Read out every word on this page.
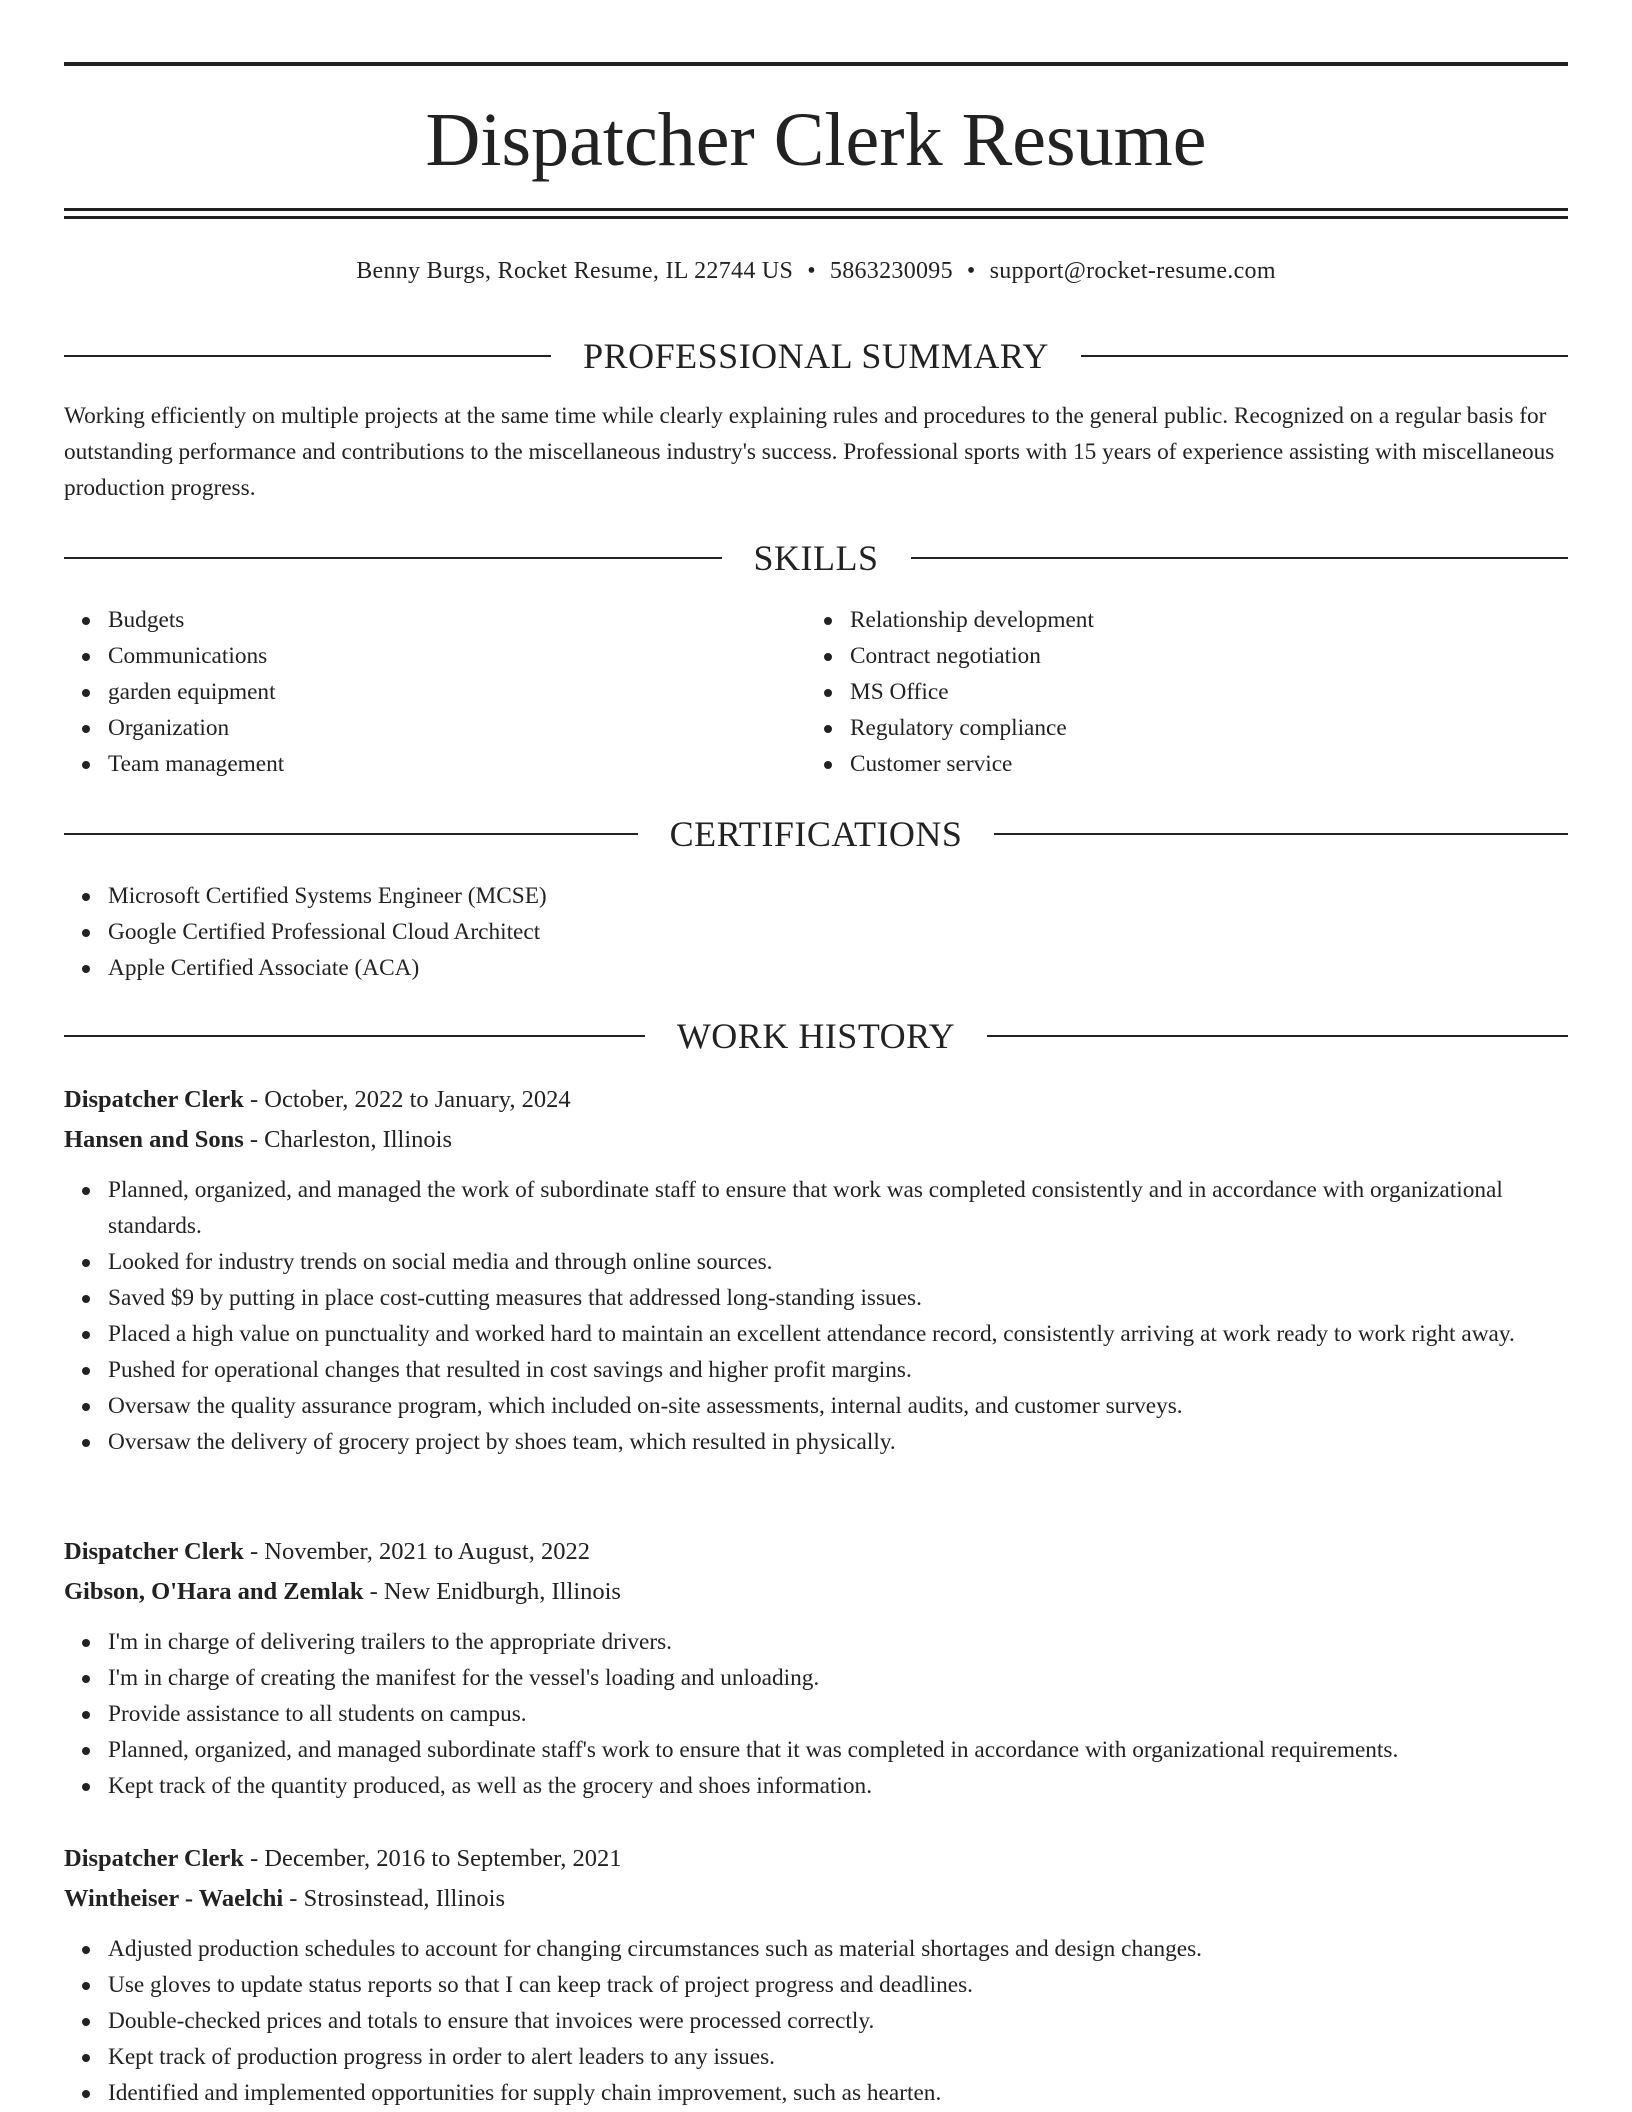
Dispatcher Clerk Resume
Benny Burgs, Rocket Resume, IL 22744 US • 5863230095 • support@rocket-resume.com
PROFESSIONAL SUMMARY

Working efficiently on multiple projects at the same time while clearly explaining rules and procedures to the general public. Recognized on a regular basis for outstanding performance and contributions to the miscellaneous industry's success. Professional sports with 15 years of experience assisting with miscellaneous production progress.

SKILLS
Budgets
Communications
garden equipment
Organization
Team management
Relationship development
Contract negotiation
MS Office
Regulatory compliance
Customer service
CERTIFICATIONS
Microsoft Certified Systems Engineer (MCSE)
Google Certified Professional Cloud Architect
Apple Certified Associate (ACA)
WORK HISTORY

Dispatcher Clerk - October, 2022 to January, 2024

Hansen and Sons - Charleston, Illinois

Planned, organized, and managed the work of subordinate staff to ensure that work was completed consistently and in accordance with organizational standards.
Looked for industry trends on social media and through online sources.
Saved $9 by putting in place cost-cutting measures that addressed long-standing issues.
Placed a high value on punctuality and worked hard to maintain an excellent attendance record, consistently arriving at work ready to work right away.
Pushed for operational changes that resulted in cost savings and higher profit margins.
Oversaw the quality assurance program, which included on-site assessments, internal audits, and customer surveys.
Oversaw the delivery of grocery project by shoes team, which resulted in physically.

Dispatcher Clerk - November, 2021 to August, 2022

Gibson, O'Hara and Zemlak - New Enidburgh, Illinois

I'm in charge of delivering trailers to the appropriate drivers.
I'm in charge of creating the manifest for the vessel's loading and unloading.
Provide assistance to all students on campus.
Planned, organized, and managed subordinate staff's work to ensure that it was completed in accordance with organizational requirements.
Kept track of the quantity produced, as well as the grocery and shoes information.

Dispatcher Clerk - December, 2016 to September, 2021

Wintheiser - Waelchi - Strosinstead, Illinois

Adjusted production schedules to account for changing circumstances such as material shortages and design changes.
Use gloves to update status reports so that I can keep track of project progress and deadlines.
Double-checked prices and totals to ensure that invoices were processed correctly.
Kept track of production progress in order to alert leaders to any issues.
Identified and implemented opportunities for supply chain improvement, such as hearten.
